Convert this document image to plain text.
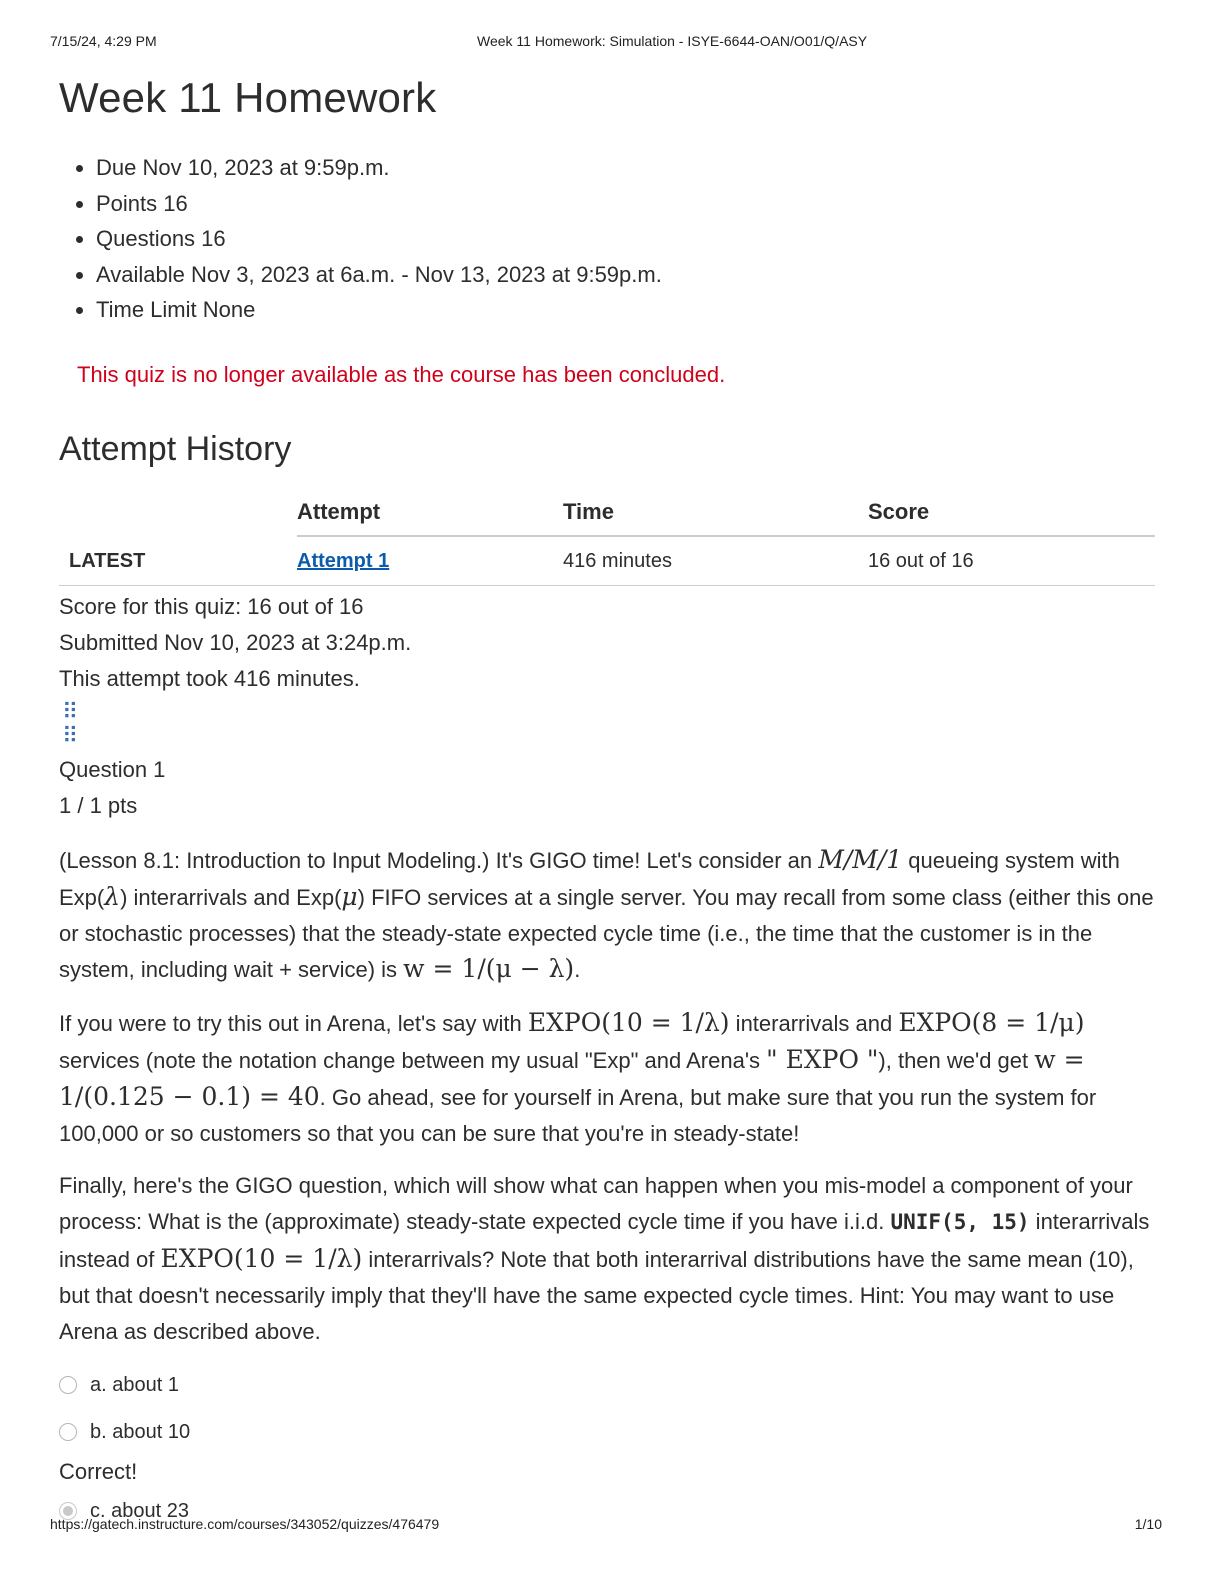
7/15/24, 4:29 PM	Week 11 Homework: Simulation - ISYE-6644-OAN/O01/Q/ASY
Week 11 Homework
• Due Nov 10, 2023 at 9:59p.m.
• Points 16
• Questions 16
• Available Nov 3, 2023 at 6a.m. - Nov 13, 2023 at 9:59p.m.
• Time Limit None
This quiz is no longer available as the course has been concluded.
Attempt History
	Attempt	Time	Score
LATEST	Attempt 1	416 minutes	16 out of 16
Score for this quiz: 16 out of 16
Submitted Nov 10, 2023 at 3:24p.m.
This attempt took 416 minutes.
⠿
⠿
Question 1
1 / 1 pts

(Lesson 8.1: Introduction to Input Modeling.) It's GIGO time! Let's consider an M/M/1 queueing system with Exp(λ) interarrivals and Exp(μ) FIFO services at a single server. You may recall from some class (either this one or stochastic processes) that the steady-state expected cycle time (i.e., the time that the customer is in the system, including wait + service) is w = 1/(μ − λ).

If you were to try this out in Arena, let's say with EXPO(10 = 1/λ) interarrivals and EXPO(8 = 1/μ) services (note the notation change between my usual "Exp" and Arena's " EXPO "), then we'd get w = 1/(0.125 − 0.1) = 40. Go ahead, see for yourself in Arena, but make sure that you run the system for 100,000 or so customers so that you can be sure that you're in steady-state!

Finally, here's the GIGO question, which will show what can happen when you mis-model a component of your process: What is the (approximate) steady-state expected cycle time if you have i.i.d. UNIF(5, 15) interarrivals instead of EXPO(10 = 1/λ) interarrivals? Note that both interarrival distributions have the same mean (10), but that doesn't necessarily imply that they'll have the same expected cycle times. Hint: You may want to use Arena as described above.

a. about 1
b. about 10
Correct!
c. about 23
https://gatech.instructure.com/courses/343052/quizzes/476479	1/10
